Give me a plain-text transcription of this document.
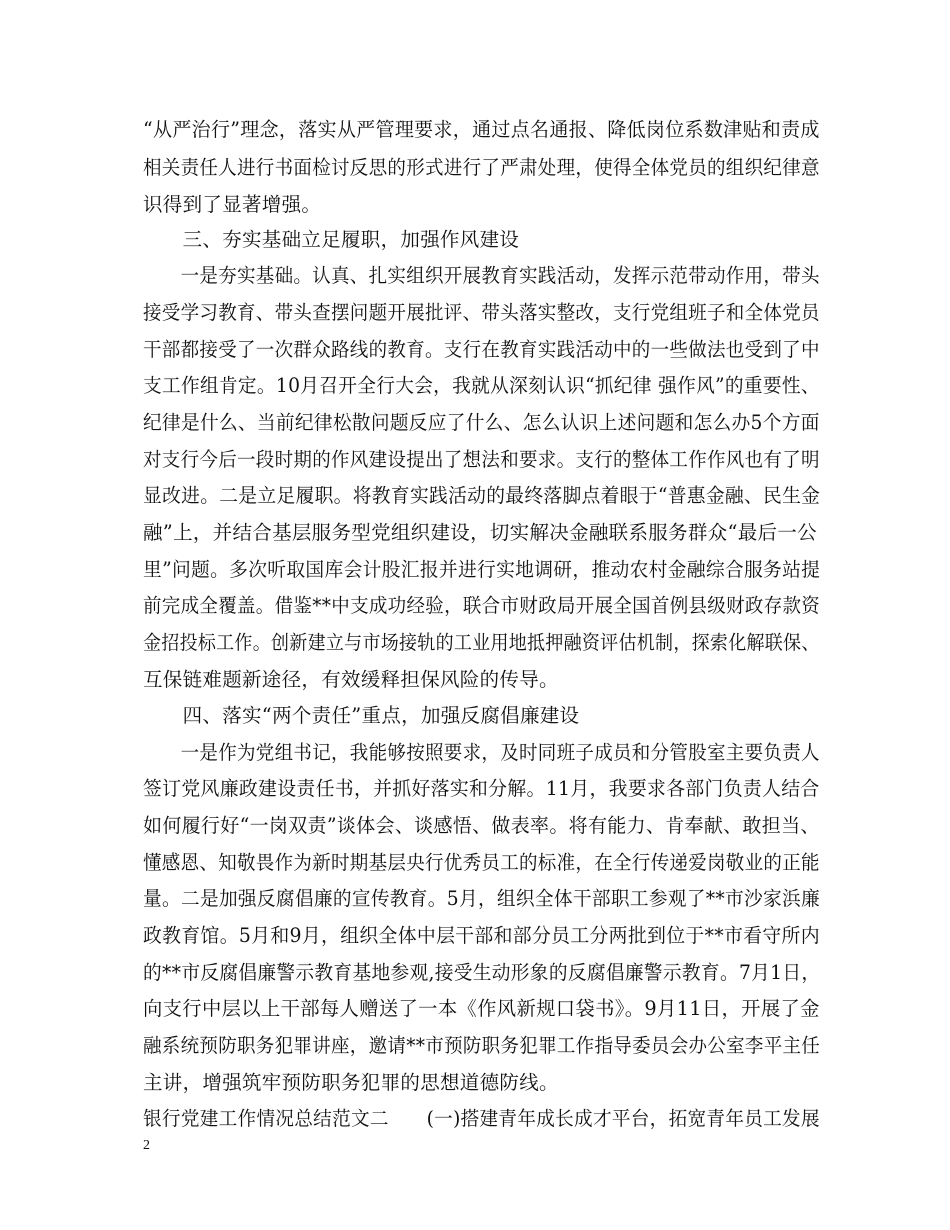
“从严治行”理念，落实从严管理要求，通过点名通报、降低岗位系数津贴和责成
相关责任人进行书面检讨反思的形式进行了严肃处理，使得全体党员的组织纪律意
识得到了显著增强。
　　三、夯实基础立足履职，加强作风建设
　　一是夯实基础。认真、扎实组织开展教育实践活动，发挥示范带动作用，带头
接受学习教育、带头查摆问题开展批评、带头落实整改，支行党组班子和全体党员
干部都接受了一次群众路线的教育。支行在教育实践活动中的一些做法也受到了中
支工作组肯定。10月召开全行大会，我就从深刻认识“抓纪律 强作风”的重要性、
纪律是什么、当前纪律松散问题反应了什么、怎么认识上述问题和怎么办5个方面
对支行今后一段时期的作风建设提出了想法和要求。支行的整体工作作风也有了明
显改进。二是立足履职。将教育实践活动的最终落脚点着眼于“普惠金融、民生金
融”上，并结合基层服务型党组织建设，切实解决金融联系服务群众“最后一公
里”问题。多次听取国库会计股汇报并进行实地调研，推动农村金融综合服务站提
前完成全覆盖。借鉴**中支成功经验，联合市财政局开展全国首例县级财政存款资
金招投标工作。创新建立与市场接轨的工业用地抵押融资评估机制，探索化解联保、
互保链难题新途径，有效缓释担保风险的传导。
　　四、落实“两个责任”重点，加强反腐倡廉建设
　　一是作为党组书记，我能够按照要求，及时同班子成员和分管股室主要负责人
签订党风廉政建设责任书，并抓好落实和分解。11月，我要求各部门负责人结合
如何履行好“一岗双责”谈体会、谈感悟、做表率。将有能力、肯奉献、敢担当、
懂感恩、知敬畏作为新时期基层央行优秀员工的标准，在全行传递爱岗敬业的正能
量。二是加强反腐倡廉的宣传教育。5月，组织全体干部职工参观了**市沙家浜廉
政教育馆。5月和9月，组织全体中层干部和部分员工分两批到位于**市看守所内
的**市反腐倡廉警示教育基地参观,接受生动形象的反腐倡廉警示教育。7月1日，
向支行中层以上干部每人赠送了一本《作风新规口袋书》。9月11日，开展了金
融系统预防职务犯罪讲座，邀请**市预防职务犯罪工作指导委员会办公室李平主任
主讲，增强筑牢预防职务犯罪的思想道德防线。
银行党建工作情况总结范文二　　(一)搭建青年成长成才平台，拓宽青年员工发展
2
